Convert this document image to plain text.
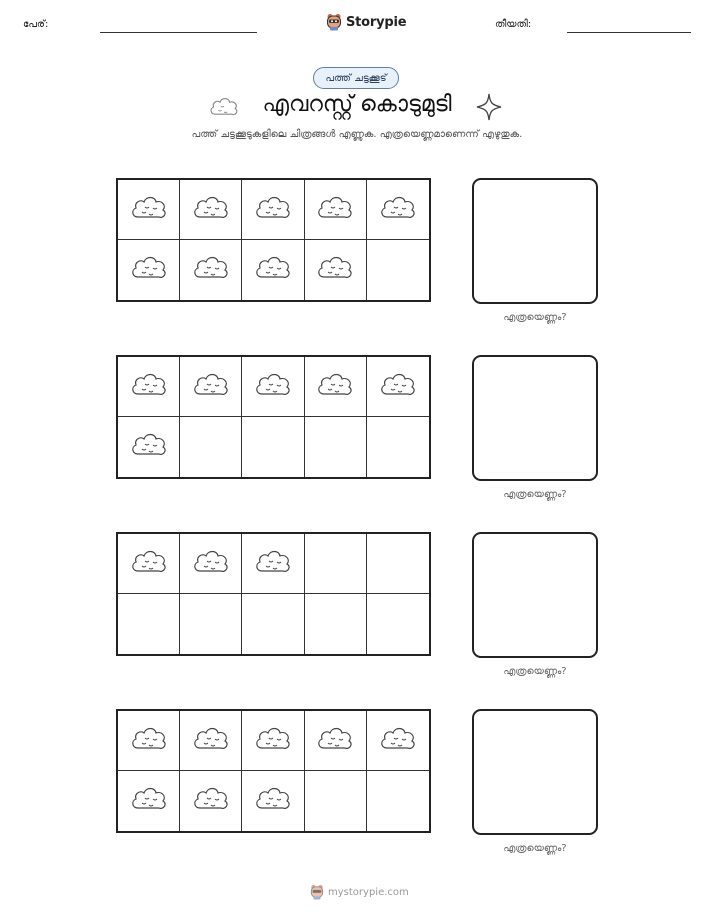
പേര്:	Storypie	തീയതി:
പത്ത് ചട്ടക്കൂട്
എവറസ്റ്റ് കൊടുമുടി
പത്ത് ചട്ടക്കൂടുകളിലെ ചിത്രങ്ങൾ എണ്ണുക. എത്രയെണ്ണമാണെന്ന് എഴുതുക.
എത്രയെണ്ണം?
എത്രയെണ്ണം?
എത്രയെണ്ണം?
എത്രയെണ്ണം?
mystorypie.com
